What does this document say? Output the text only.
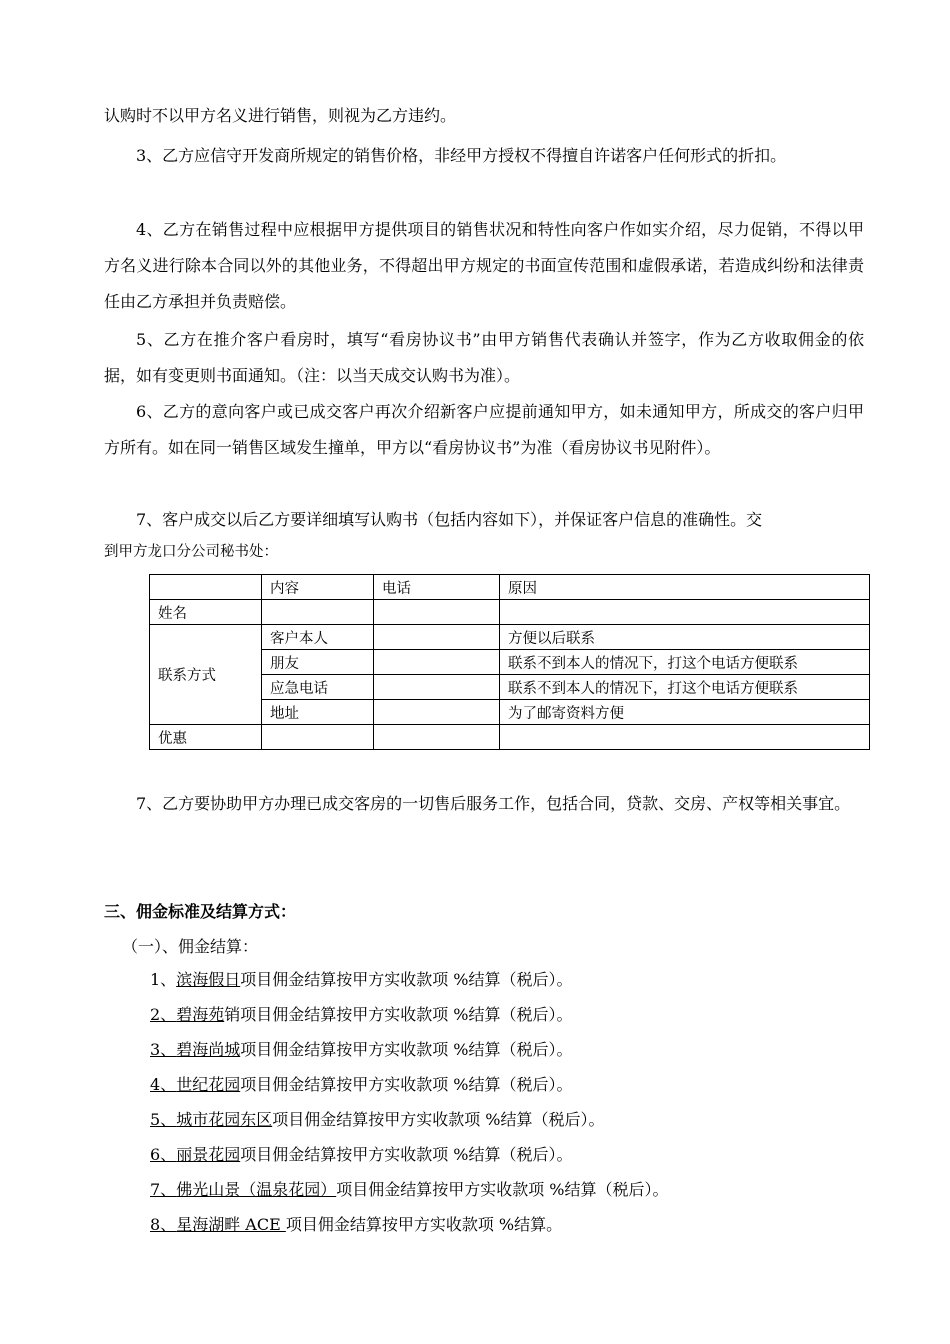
认购时不以甲方名义进行销售，则视为乙方违约。
3、乙方应信守开发商所规定的销售价格，非经甲方授权不得擅自许诺客户任何形式的折扣。
4、乙方在销售过程中应根据甲方提供项目的销售状况和特性向客户作如实介绍，尽力促销，不得以甲方名义进行除本合同以外的其他业务，不得超出甲方规定的书面宣传范围和虚假承诺，若造成纠纷和法律责任由乙方承担并负责赔偿。
5、乙方在推介客户看房时，填写“看房协议书”由甲方销售代表确认并签字，作为乙方收取佣金的依据，如有变更则书面通知。（注：以当天成交认购书为准）。
6、乙方的意向客户或已成交客户再次介绍新客户应提前通知甲方，如未通知甲方，所成交的客户归甲方所有。如在同一销售区域发生撞单，甲方以“看房协议书”为准（看房协议书见附件）。
7、客户成交以后乙方要详细填写认购书（包括内容如下），并保证客户信息的准确性。交
到甲方龙口分公司秘书处：
	内容	电话	原因
姓名			
联系方式	客户本人		方便以后联系
	朋友		联系不到本人的情况下，打这个电话方便联系
	应急电话		联系不到本人的情况下，打这个电话方便联系
	地址		为了邮寄资料方便
优惠			
7、乙方要协助甲方办理已成交客房的一切售后服务工作，包括合同，贷款、交房、产权等相关事宜。
三、佣金标准及结算方式：
（一）、佣金结算：
1、滨海假日项目佣金结算按甲方实收款项 %结算（税后）。
2、碧海苑销项目佣金结算按甲方实收款项 %结算（税后）。
3、碧海尚城项目佣金结算按甲方实收款项 %结算（税后）。
4、世纪花园项目佣金结算按甲方实收款项 %结算（税后）。
5、城市花园东区项目佣金结算按甲方实收款项 %结算（税后）。
6、丽景花园项目佣金结算按甲方实收款项 %结算（税后）。
7、佛光山景（温泉花园）项目佣金结算按甲方实收款项 %结算（税后）。
8、星海湖畔 ACE 项目佣金结算按甲方实收款项 %结算。
